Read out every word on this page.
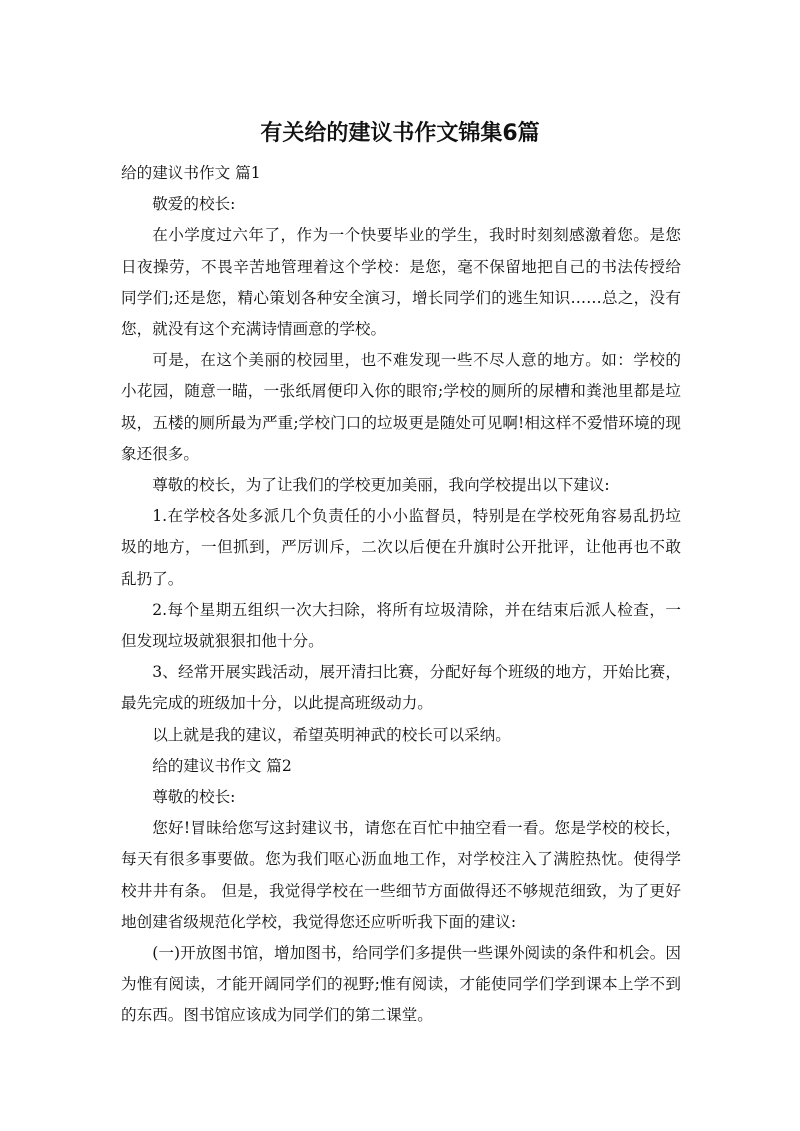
有关给的建议书作文锦集6篇

给的建议书作文 篇1

敬爱的校长:

在小学度过六年了，作为一个快要毕业的学生，我时时刻刻感激着您。是您日夜操劳，不畏辛苦地管理着这个学校：是您，毫不保留地把自己的书法传授给同学们;还是您，精心策划各种安全演习，增长同学们的逃生知识……总之，没有您，就没有这个充满诗情画意的学校。

可是，在这个美丽的校园里，也不难发现一些不尽人意的地方。如：学校的小花园，随意一瞄，一张纸屑便印入你的眼帘;学校的厕所的尿槽和粪池里都是垃圾，五楼的厕所最为严重;学校门口的垃圾更是随处可见啊!相这样不爱惜环境的现象还很多。

尊敬的校长，为了让我们的学校更加美丽，我向学校提出以下建议:

1.在学校各处多派几个负责任的小小监督员，特别是在学校死角容易乱扔垃圾的地方，一但抓到，严厉训斥，二次以后便在升旗时公开批评，让他再也不敢乱扔了。

2.每个星期五组织一次大扫除，将所有垃圾清除，并在结束后派人检查，一但发现垃圾就狠狠扣他十分。

3、经常开展实践活动，展开清扫比赛，分配好每个班级的地方，开始比赛，最先完成的班级加十分，以此提高班级动力。

以上就是我的建议，希望英明神武的校长可以采纳。

给的建议书作文 篇2

尊敬的校长:

您好!冒昧给您写这封建议书，请您在百忙中抽空看一看。您是学校的校长，每天有很多事要做。您为我们呕心沥血地工作，对学校注入了满腔热忱。使得学校井井有条。 但是，我觉得学校在一些细节方面做得还不够规范细致，为了更好地创建省级规范化学校，我觉得您还应听听我下面的建议:

(一)开放图书馆，增加图书，给同学们多提供一些课外阅读的条件和机会。因为惟有阅读，才能开阔同学们的视野;惟有阅读，才能使同学们学到课本上学不到的东西。图书馆应该成为同学们的第二课堂。
